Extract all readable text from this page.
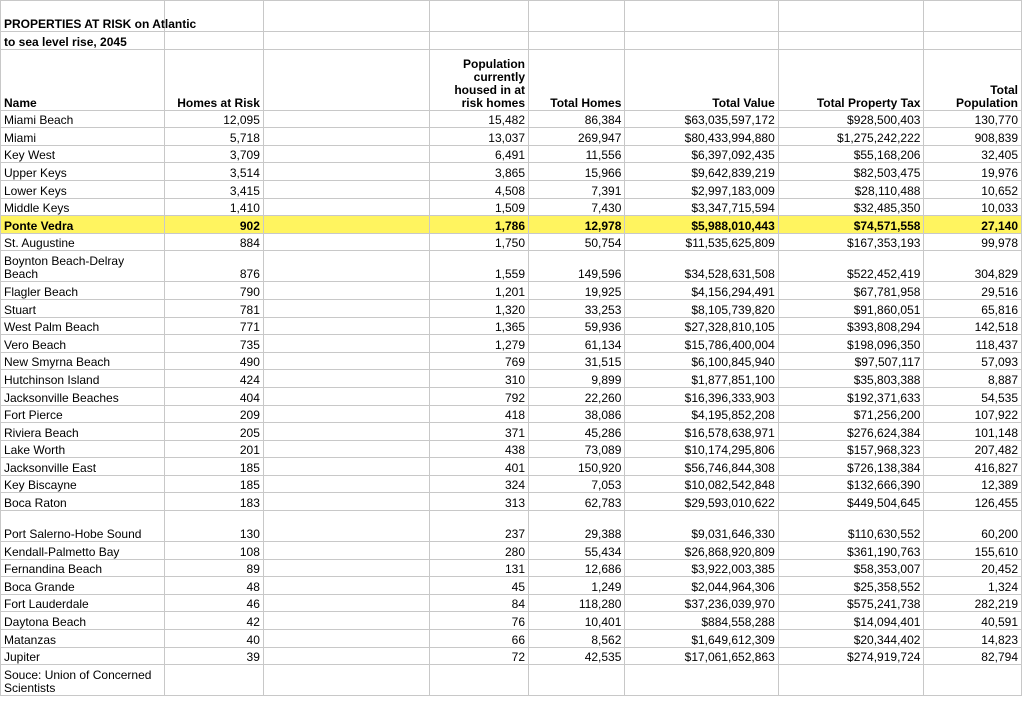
PROPERTIES AT RISK on Atlantic							
to sea level rise, 2045							
Name	Homes at Risk		Population currently housed in at risk homes	Total Homes	Total Value	Total Property Tax	Total Population
Miami Beach	12,095		15,482	86,384	$63,035,597,172	$928,500,403	130,770
Miami	5,718		13,037	269,947	$80,433,994,880	$1,275,242,222	908,839
Key West	3,709		6,491	11,556	$6,397,092,435	$55,168,206	32,405
Upper Keys	3,514		3,865	15,966	$9,642,839,219	$82,503,475	19,976
Lower Keys	3,415		4,508	7,391	$2,997,183,009	$28,110,488	10,652
Middle Keys	1,410		1,509	7,430	$3,347,715,594	$32,485,350	10,033
Ponte Vedra	902		1,786	12,978	$5,988,010,443	$74,571,558	27,140
St. Augustine	884		1,750	50,754	$11,535,625,809	$167,353,193	99,978
Boynton Beach-Delray Beach	876		1,559	149,596	$34,528,631,508	$522,452,419	304,829
Flagler Beach	790		1,201	19,925	$4,156,294,491	$67,781,958	29,516
Stuart	781		1,320	33,253	$8,105,739,820	$91,860,051	65,816
West Palm Beach	771		1,365	59,936	$27,328,810,105	$393,808,294	142,518
Vero Beach	735		1,279	61,134	$15,786,400,004	$198,096,350	118,437
New Smyrna Beach	490		769	31,515	$6,100,845,940	$97,507,117	57,093
Hutchinson Island	424		310	9,899	$1,877,851,100	$35,803,388	8,887
Jacksonville Beaches	404		792	22,260	$16,396,333,903	$192,371,633	54,535
Fort Pierce	209		418	38,086	$4,195,852,208	$71,256,200	107,922
Riviera Beach	205		371	45,286	$16,578,638,971	$276,624,384	101,148
Lake Worth	201		438	73,089	$10,174,295,806	$157,968,323	207,482
Jacksonville East	185		401	150,920	$56,746,844,308	$726,138,384	416,827
Key Biscayne	185		324	7,053	$10,082,542,848	$132,666,390	12,389
Boca Raton	183		313	62,783	$29,593,010,622	$449,504,645	126,455
Port Salerno-Hobe Sound	130		237	29,388	$9,031,646,330	$110,630,552	60,200
Kendall-Palmetto Bay	108		280	55,434	$26,868,920,809	$361,190,763	155,610
Fernandina Beach	89		131	12,686	$3,922,003,385	$58,353,007	20,452
Boca Grande	48		45	1,249	$2,044,964,306	$25,358,552	1,324
Fort Lauderdale	46		84	118,280	$37,236,039,970	$575,241,738	282,219
Daytona Beach	42		76	10,401	$884,558,288	$14,094,401	40,591
Matanzas	40		66	8,562	$1,649,612,309	$20,344,402	14,823
Jupiter	39		72	42,535	$17,061,652,863	$274,919,724	82,794
Souce: Union of Concerned Scientists							
